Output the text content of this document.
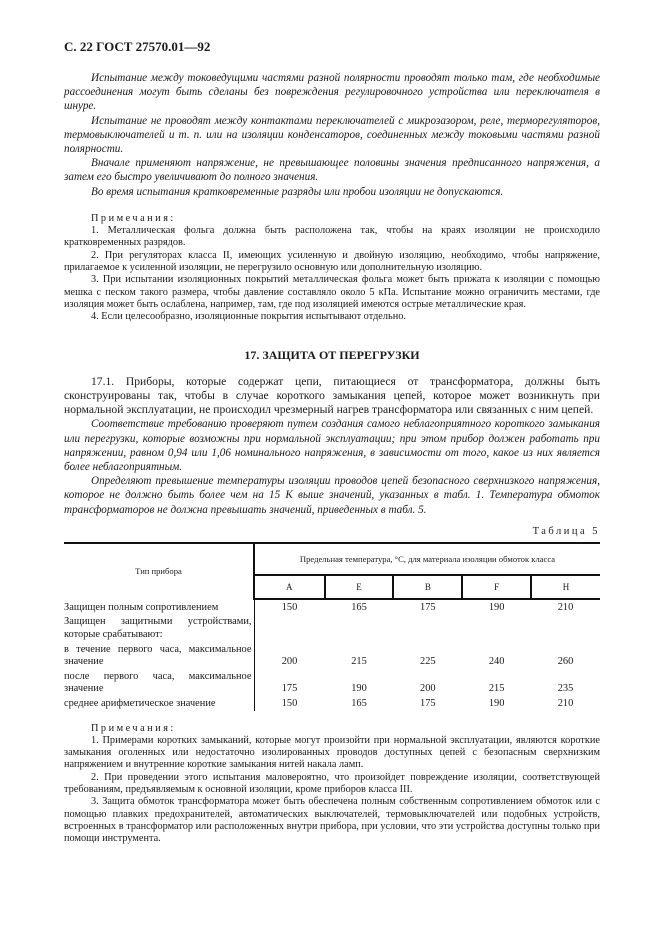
С. 22 ГОСТ 27570.01—92

Испытание между токоведущими частями разной полярности проводят только там, где необходимые рассоединения могут быть сделаны без повреждения регулировочного устройства или переключателя в шнуре.

Испытание не проводят между контактами переключателей с микрозазором, реле, терморегуляторов, термовыключателей и т. п. или на изоляции конденсаторов, соединенных между токовыми частями разной полярности.

Вначале применяют напряжение, не превышающее половины значения предписанного напряжения, а затем его быстро увеличивают до полного значения.

Во время испытания кратковременные разряды или пробои изоляции не допускаются.

Примечания:

1. Металлическая фольга должна быть расположена так, чтобы на краях изоляции не происходило кратковременных разрядов.

2. При регуляторах класса II, имеющих усиленную и двойную изоляцию, необходимо, чтобы напряжение, прилагаемое к усиленной изоляции, не перегрузило основную или дополнительную изоляцию.

3. При испытании изоляционных покрытий металлическая фольга может быть прижата к изоляции с помощью мешка с песком такого размера, чтобы давление составляло около 5 кПа. Испытание можно ограничить местами, где изоляция может быть ослаблена, например, там, где под изоляцией имеются острые металлические края.

4. Если целесообразно, изоляционные покрытия испытывают отдельно.

17. ЗАЩИТА ОТ ПЕРЕГРУЗКИ

17.1. Приборы, которые содержат цепи, питающиеся от трансформатора, должны быть сконструированы так, чтобы в случае короткого замыкания цепей, которое может возникнуть при нормальной эксплуатации, не происходил чрезмерный нагрев трансформатора или связанных с ним цепей.

Соответствие требованию проверяют путем создания самого неблагоприятного короткого замыкания или перегрузки, которые возможны при нормальной эксплуатации; при этом прибор должен работать при напряжении, равном 0,94 или 1,06 номинального напряжения, в зависимости от того, какое из них является более неблагоприятным.

Определяют превышение температуры изоляции проводов цепей безопасного сверхнизкого напряжения, которое не должно быть более чем на 15 К выше значений, указанных в табл. 1. Температура обмоток трансформаторов не должна превышать значений, приведенных в табл. 5.

Таблица 5
Тип прибора	Предельная температура, °С, для материала изоляции обмоток класса				
	A	E	B	F	H
Защищен полным сопротивлением	150	165	175	190	210
Защищен защитными устройствами, которые срабатывают:					
в течение первого часа, максимальное значение	200	215	225	240	260
после первого часа, максимальное значение	175	190	200	215	235
среднее арифметическое значение	150	165	175	190	210

Примечания:

1. Примерами коротких замыканий, которые могут произойти при нормальной эксплуатации, являются короткие замыкания оголенных или недостаточно изолированных проводов доступных цепей с безопасным сверхнизким напряжением и внутренние короткие замыкания нитей накала ламп.

2. При проведении этого испытания маловероятно, что произойдет повреждение изоляции, соответствующей требованиям, предъявляемым к основной изоляции, кроме приборов класса III.

3. Защита обмоток трансформатора может быть обеспечена полным собственным сопротивлением обмоток или с помощью плавких предохранителей, автоматических выключателей, термовыключателей или подобных устройств, встроенных в трансформатор или расположенных внутри прибора, при условии, что эти устройства доступны только при помощи инструмента.
